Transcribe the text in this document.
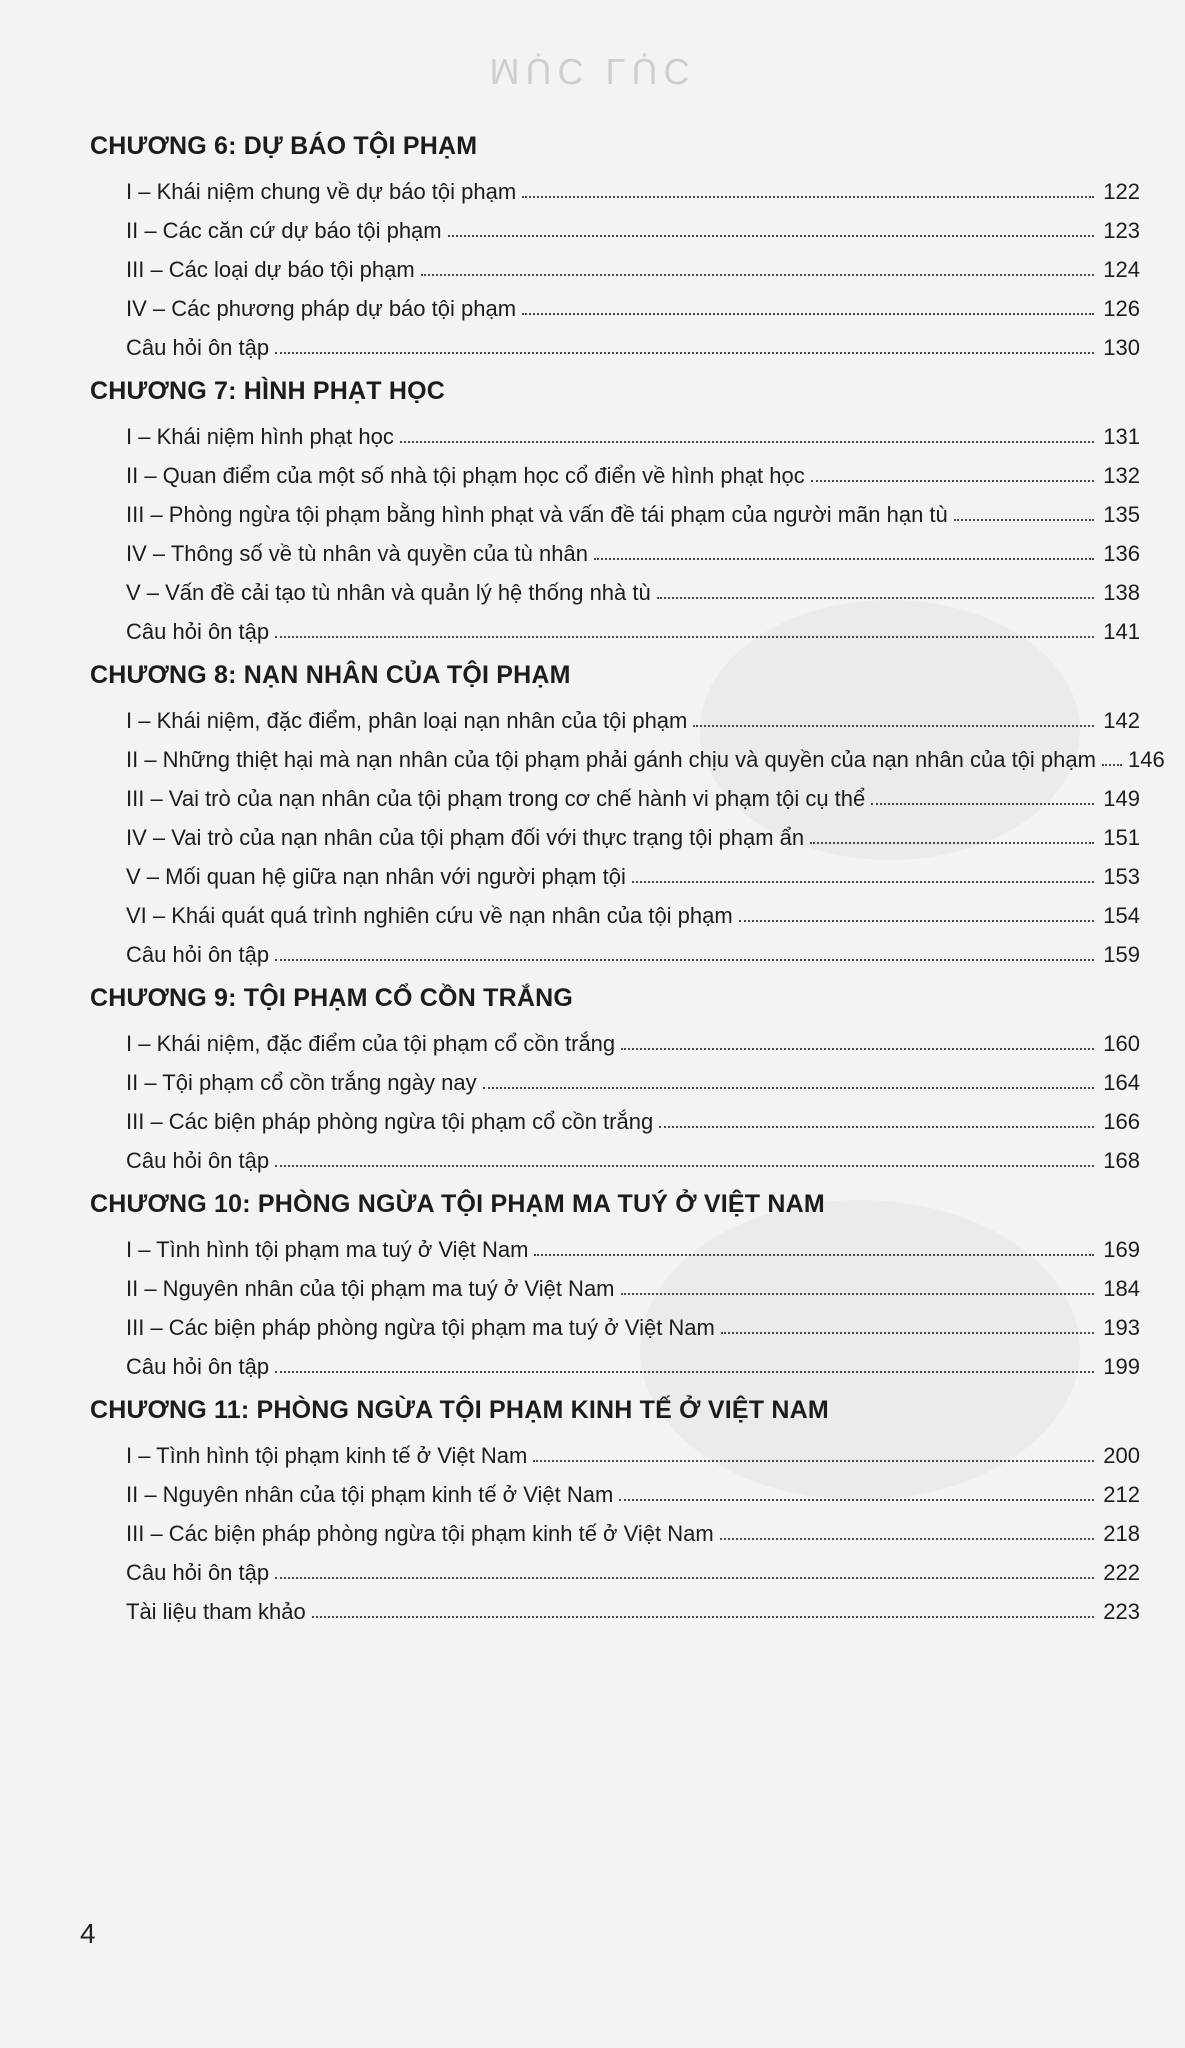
MỤC LỤC
CHƯƠNG 6: DỰ BÁO TỘI PHẠM
I – Khái niệm chung về dự báo tội phạm	122
II – Các căn cứ dự báo tội phạm	123
III – Các loại dự báo tội phạm	124
IV – Các phương pháp dự báo tội phạm	126
Câu hỏi ôn tập	130
CHƯƠNG 7: HÌNH PHẠT HỌC
I – Khái niệm hình phạt học	131
II – Quan điểm của một số nhà tội phạm học cổ điển về hình phạt học	132
III – Phòng ngừa tội phạm bằng hình phạt và vấn đề tái phạm của người mãn hạn tù	135
IV – Thông số về tù nhân và quyền của tù nhân	136
V – Vấn đề cải tạo tù nhân và quản lý hệ thống nhà tù	138
Câu hỏi ôn tập	141
CHƯƠNG 8: NẠN NHÂN CỦA TỘI PHẠM
I – Khái niệm, đặc điểm, phân loại nạn nhân của tội phạm	142
II – Những thiệt hại mà nạn nhân của tội phạm phải gánh chịu và quyền của nạn nhân của tội phạm 146
III – Vai trò của nạn nhân của tội phạm trong cơ chế hành vi phạm tội cụ thể	149
IV – Vai trò của nạn nhân của tội phạm đối với thực trạng tội phạm ẩn	151
V – Mối quan hệ giữa nạn nhân với người phạm tội	153
VI – Khái quát quá trình nghiên cứu về nạn nhân của tội phạm	154
Câu hỏi ôn tập	159
CHƯƠNG 9: TỘI PHẠM CỔ CỒN TRẮNG
I – Khái niệm, đặc điểm của tội phạm cổ cồn trắng	160
II – Tội phạm cổ cồn trắng ngày nay	164
III – Các biện pháp phòng ngừa tội phạm cổ cồn trắng	166
Câu hỏi ôn tập	168
CHƯƠNG 10: PHÒNG NGỪA TỘI PHẠM MA TUÝ Ở VIỆT NAM
I – Tình hình tội phạm ma tuý ở Việt Nam	169
II – Nguyên nhân của tội phạm ma tuý ở Việt Nam	184
III – Các biện pháp phòng ngừa tội phạm ma tuý ở Việt Nam	193
Câu hỏi ôn tập	199
CHƯƠNG 11: PHÒNG NGỪA TỘI PHẠM KINH TẾ Ở VIỆT NAM
I – Tình hình tội phạm kinh tế ở Việt Nam	200
II – Nguyên nhân của tội phạm kinh tế ở Việt Nam	212
III – Các biện pháp phòng ngừa tội phạm kinh tế ở Việt Nam	218
Câu hỏi ôn tập	222
Tài liệu tham khảo	223
4
